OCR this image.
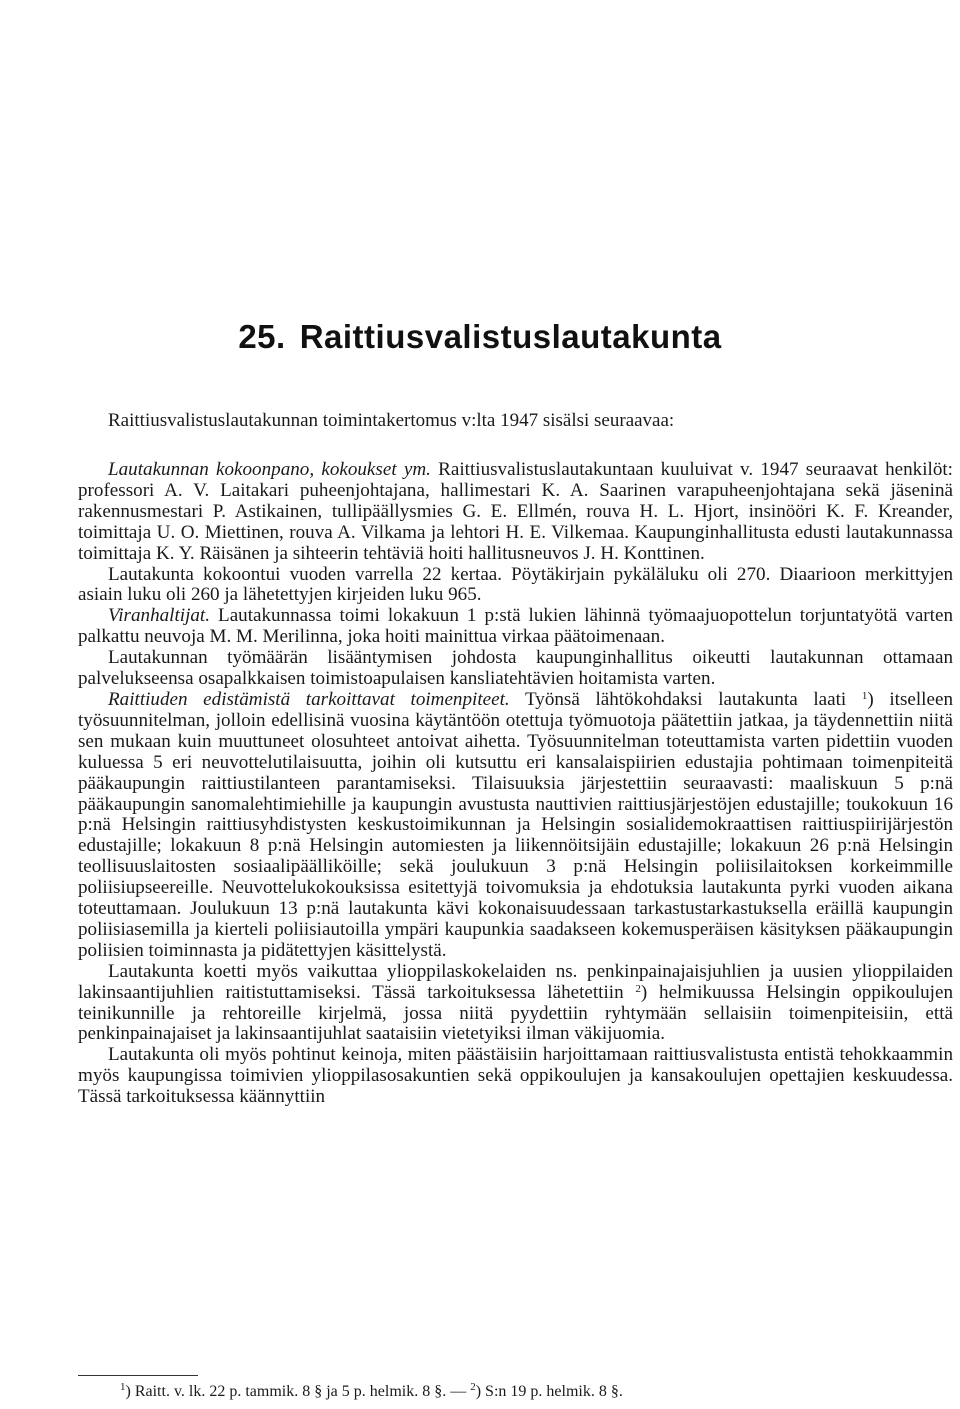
25. Raittiusvalistuslautakunta
Raittiusvalistuslautakunnan toimintakertomus v:lta 1947 sisälsi seuraavaa:

Lautakunnan kokoonpano, kokoukset ym. Raittiusvalistuslautakuntaan kuuluivat v. 1947 seuraavat henkilöt: professori A. V. Laitakari puheenjohtajana, hallimestari K. A. Saarinen varapuheenjohtajana sekä jäseninä rakennusmestari P. Astikainen, tullipäällysmies G. E. Ellmén, rouva H. L. Hjort, insinööri K. F. Kreander, toimittaja U. O. Miettinen, rouva A. Vilkama ja lehtori H. E. Vilkemaa. Kaupunginhallitusta edusti lautakunnassa toimittaja K. Y. Räisänen ja sihteerin tehtäviä hoiti hallitusneuvos J. H. Konttinen.

Lautakunta kokoontui vuoden varrella 22 kertaa. Pöytäkirjain pykäläluku oli 270. Diaarioon merkittyjen asiain luku oli 260 ja lähetettyjen kirjeiden luku 965.

Viranhaltijat. Lautakunnassa toimi lokakuun 1 p:stä lukien lähinnä työmaajuopottelun torjuntatyötä varten palkattu neuvoja M. M. Merilinna, joka hoiti mainittua virkaa päätoimenaan.

Lautakunnan työmäärän lisääntymisen johdosta kaupunginhallitus oikeutti lautakunnan ottamaan palvelukseensa osapalkkaisen toimistoapulaisen kansliatehtävien hoitamista varten.

Raittiuden edistämistä tarkoittavat toimenpiteet. Työnsä lähtökohdaksi lautakunta laati $^1$) itselleen työsuunnitelman, jolloin edellisinä vuosina käytäntöön otettuja työmuotoja päätettiin jatkaa, ja täydennettiin niitä sen mukaan kuin muuttuneet olosuhteet antoivat aihetta. Työsuunnitelman toteuttamista varten pidettiin vuoden kuluessa 5 eri neuvottelutilaisuutta, joihin oli kutsuttu eri kansalaispiirien edustajia pohtimaan toimenpiteitä pääkaupungin raittiustilanteen parantamiseksi. Tilaisuuksia järjestettiin seuraavasti: maaliskuun 5 p:nä pääkaupungin sanomalehtimiehille ja kaupungin avustusta nauttivien raittiusjärjestöjen edustajille; toukokuun 16 p:nä Helsingin raittiusyhdistysten keskustoimikunnan ja Helsingin sosialidemokraattisen raittiuspiirijärjestön edustajille; lokakuun 8 p:nä Helsingin automiesten ja liikennöitsijäin edustajille; lokakuun 26 p:nä Helsingin teollisuuslaitosten sosiaalipäälliköille; sekä joulukuun 3 p:nä Helsingin poliisilaitoksen korkeimmille poliisiupseereille. Neuvottelukokouksissa esitettyjä toivomuksia ja ehdotuksia lautakunta pyrki vuoden aikana toteuttamaan. Joulukuun 13 p:nä lautakunta kävi kokonaisuudessaan tarkastustarkastuksella eräillä kaupungin poliisiasemilla ja kierteli poliisiautoilla ympäri kaupunkia saadakseen kokemusperäisen käsityksen pääkaupungin poliisien toiminnasta ja pidätettyjen käsittelystä.

Lautakunta koetti myös vaikuttaa ylioppilaskokelaiden ns. penkinpainajaisjuhlien ja uusien ylioppilaiden lakinsaantijuhlien raitistuttamiseksi. Tässä tarkoituksessa lähetettiin $^2$) helmikuussa Helsingin oppikoulujen teinikunnille ja rehtoreille kirjelmä, jossa niitä pyydettiin ryhtymään sellaisiin toimenpiteisiin, että penkinpainajaiset ja lakinsaantijuhlat saataisiin vietetyiksi ilman väkijuomia.

Lautakunta oli myös pohtinut keinoja, miten päästäisiin harjoittamaan raittiusvalistusta entistä tehokkaammin myös kaupungissa toimivien ylioppilasosakuntien sekä oppikoulujen ja kansakoulujen opettajien keskuudessa. Tässä tarkoituksessa käännyttiin

$^1$) Raitt. v. lk. 22 p. tammik. 8 § ja 5 p. helmik. 8 §. — $^2$) S:n 19 p. helmik. 8 §.
